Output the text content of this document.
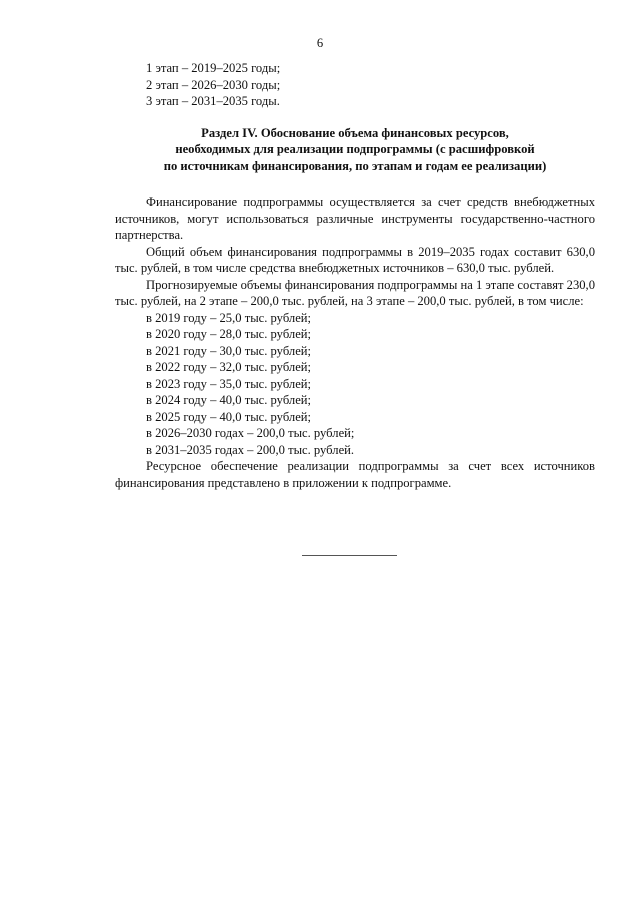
6
1 этап – 2019–2025 годы;
2 этап – 2026–2030 годы;
3 этап – 2031–2035 годы.
Раздел IV. Обоснование объема финансовых ресурсов,
необходимых для реализации подпрограммы (с расшифровкой
по источникам финансирования, по этапам и годам ее реализации)

Финансирование подпрограммы осуществляется за счет средств внебюджетных источников, могут использоваться различные инструменты государственно-частного партнерства.

Общий объем финансирования подпрограммы в 2019–2035 годах составит 630,0 тыс. рублей, в том числе средства внебюджетных источников – 630,0 тыс. рублей.

Прогнозируемые объемы финансирования подпрограммы на 1 этапе составят 230,0 тыс. рублей, на 2 этапе – 200,0 тыс. рублей, на 3 этапе – 200,0 тыс. рублей, в том числе:

в 2019 году – 25,0 тыс. рублей;
в 2020 году – 28,0 тыс. рублей;
в 2021 году – 30,0 тыс. рублей;
в 2022 году – 32,0 тыс. рублей;
в 2023 году – 35,0 тыс. рублей;
в 2024 году – 40,0 тыс. рублей;
в 2025 году – 40,0 тыс. рублей;
в 2026–2030 годах – 200,0 тыс. рублей;
в 2031–2035 годах – 200,0 тыс. рублей.

Ресурсное обеспечение реализации подпрограммы за счет всех источников финансирования представлено в приложении к подпрограмме.
